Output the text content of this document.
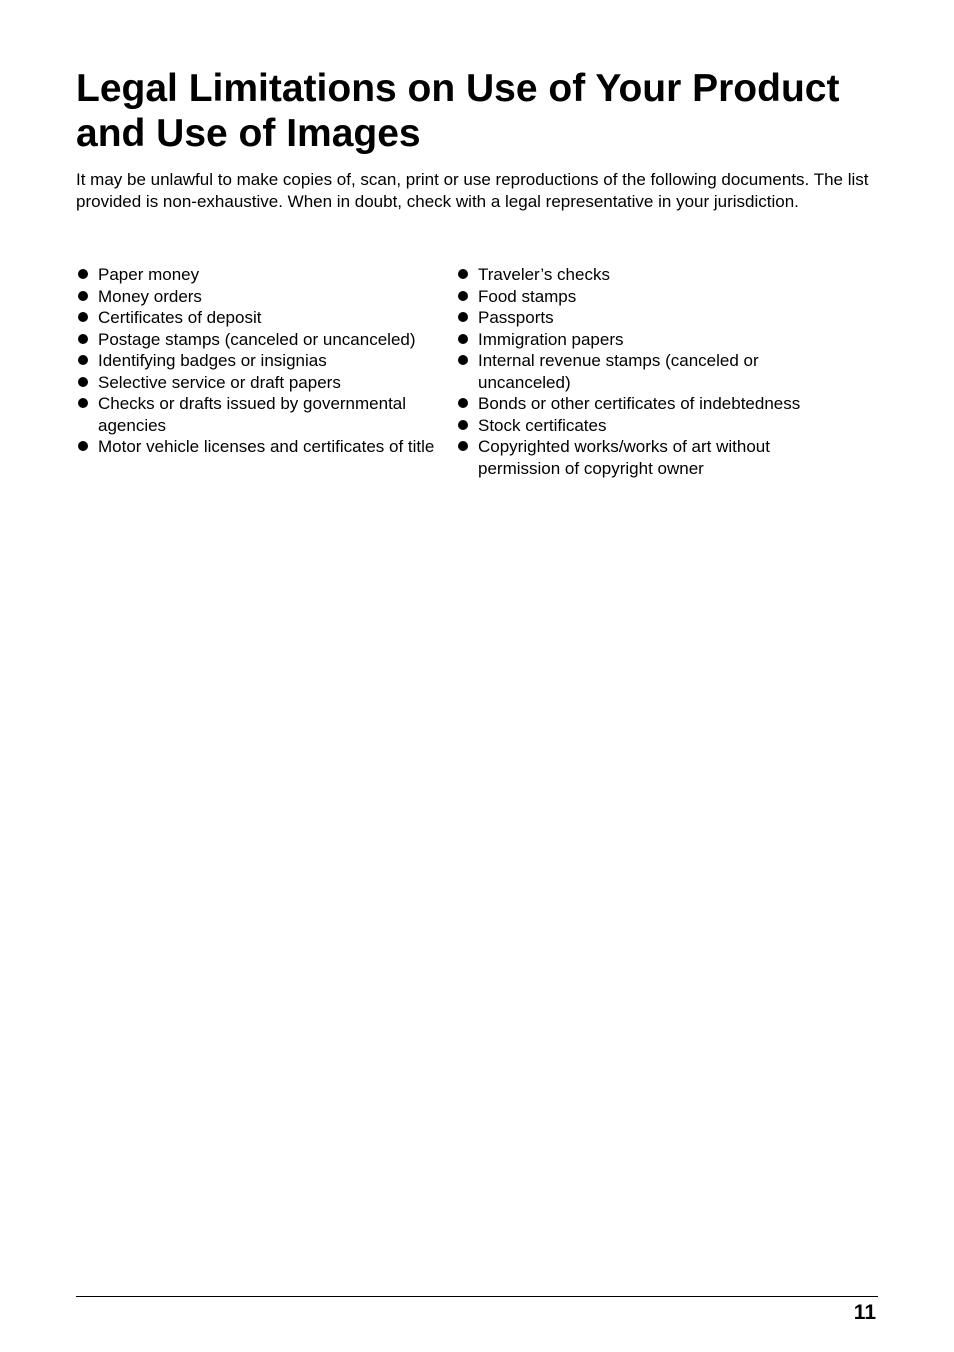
Legal Limitations on Use of Your Product and Use of Images

It may be unlawful to make copies of, scan, print or use reproductions of the following documents. The list provided is non-exhaustive. When in doubt, check with a legal representative in your jurisdiction.

Paper money
Money orders
Certificates of deposit
Postage stamps (canceled or uncanceled)
Identifying badges or insignias
Selective service or draft papers
Checks or drafts issued by governmental
agencies
Motor vehicle licenses and certificates of title
Traveler’s checks
Food stamps
Passports
Immigration papers
Internal revenue stamps (canceled or
uncanceled)
Bonds or other certificates of indebtedness
Stock certificates
Copyrighted works/works of art without
permission of copyright owner
11
